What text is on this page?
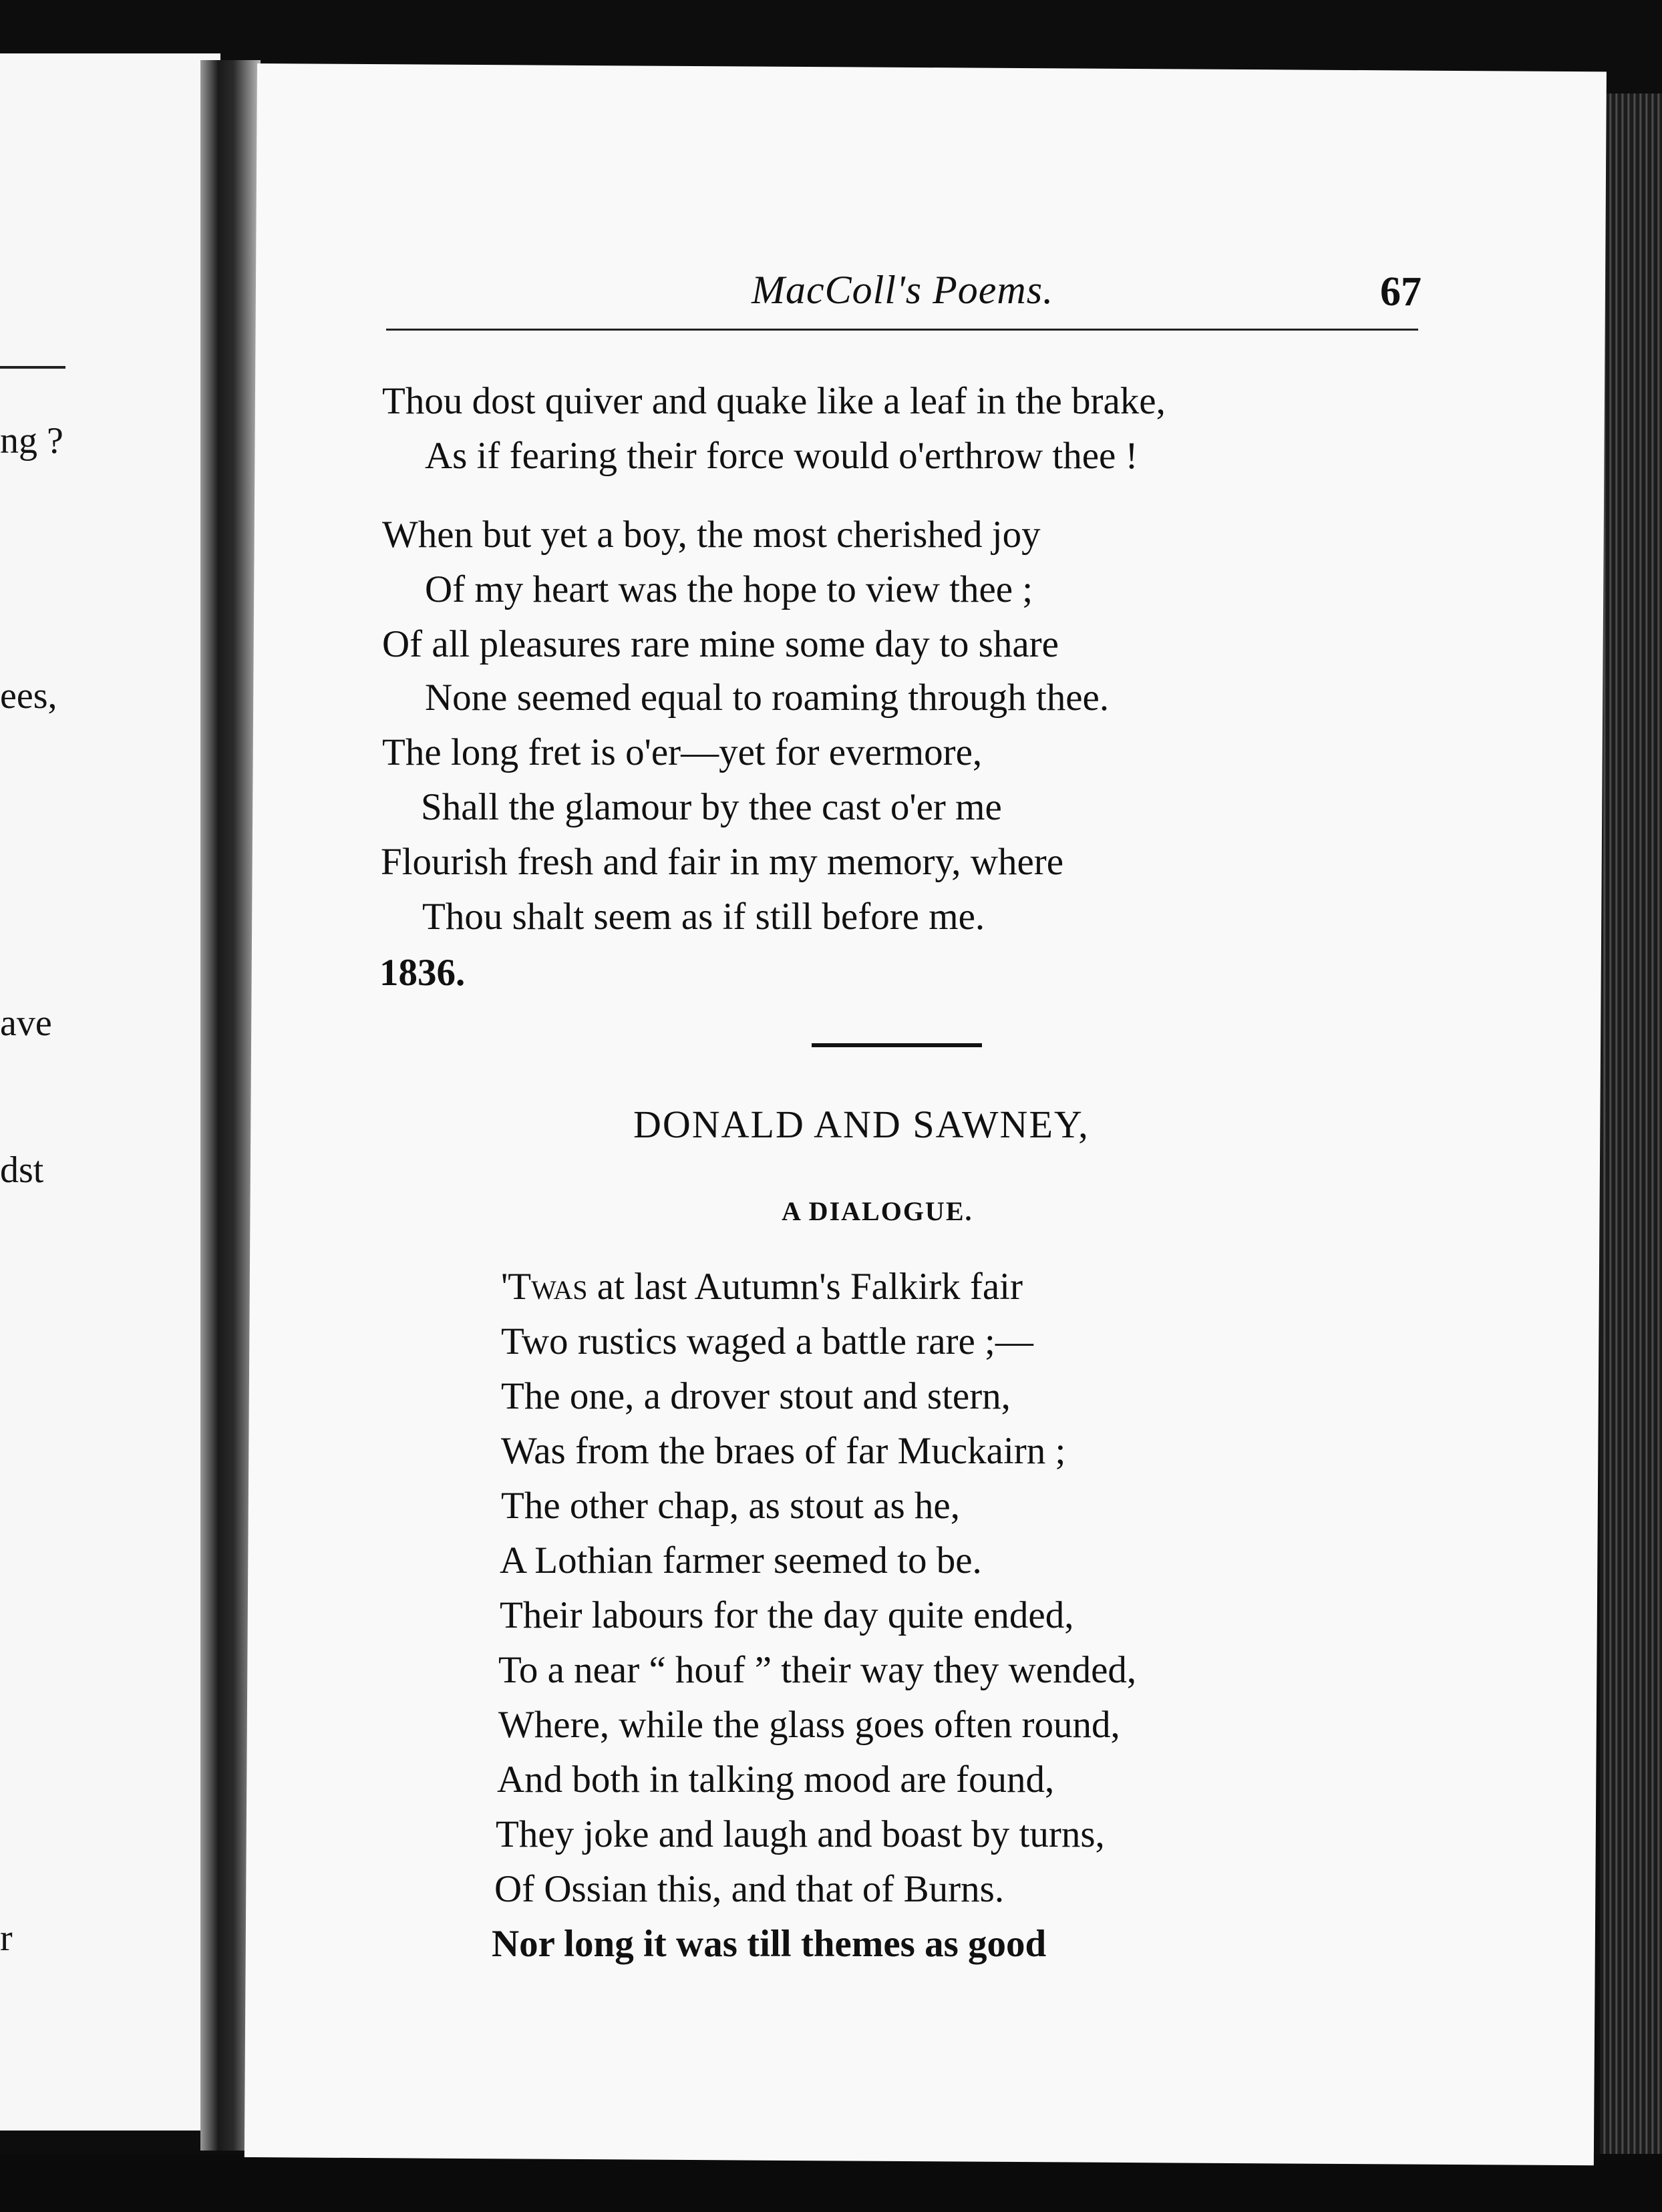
ng ?
ees,
ave
dst
r
MacColl's Poems.	67
Thou dost quiver and quake like a leaf in the brake,
As if fearing their force would o'erthrow thee !
When but yet a boy, the most cherished joy
Of my heart was the hope to view thee ;
Of all pleasures rare mine some day to share
None seemed equal to roaming through thee.
The long fret is o'er—yet for evermore,
Shall the glamour by thee cast o'er me
Flourish fresh and fair in my memory, where
Thou shalt seem as if still before me.
1836.
DONALD AND SAWNEY,
A DIALOGUE.
'Twas at last Autumn's Falkirk fair
Two rustics waged a battle rare ;—
The one, a drover stout and stern,
Was from the braes of far Muckairn ;
The other chap, as stout as he,
A Lothian farmer seemed to be.
Their labours for the day quite ended,
To a near “ houf ” their way they wended,
Where, while the glass goes often round,
And both in talking mood are found,
They joke and laugh and boast by turns,
Of Ossian this, and that of Burns.
Nor long it was till themes as good
